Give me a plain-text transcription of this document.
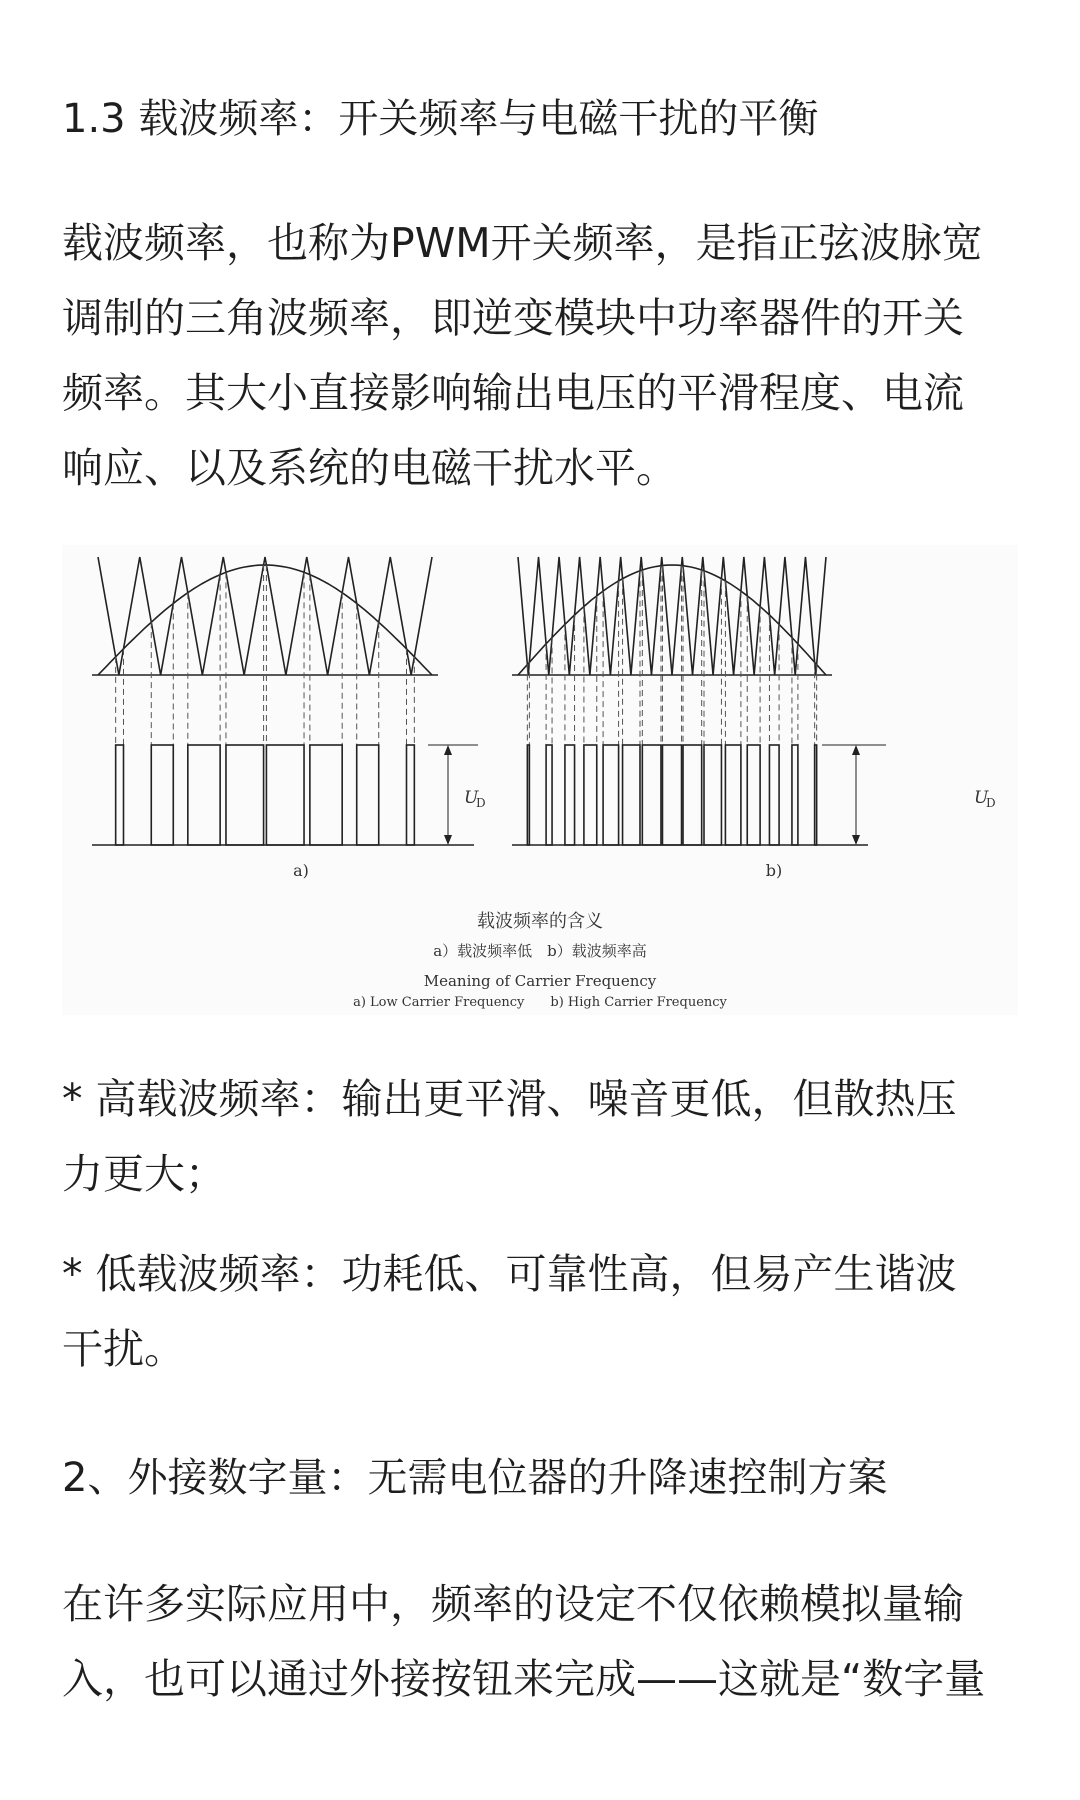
1.3 载波频率：开关频率与电磁干扰的平衡
载波频率，也称为PWM开关频率，是指正弦波脉宽
调制的三角波频率，即逆变模块中功率器件的开关
频率。其大小直接影响输出电压的平滑程度、电流
响应、以及系统的电磁干扰水平。
a)	b)
U
D	U
D
载波频率的含义
a）载波频率低　b）载波频率高
Meaning of Carrier Frequency
a) Low Carrier Frequency　　b) High Carrier Frequency
* 高载波频率：输出更平滑、噪音更低，但散热压
力更大；
* 低载波频率：功耗低、可靠性高，但易产生谐波
干扰。
2、外接数字量：无需电位器的升降速控制方案
在许多实际应用中，频率的设定不仅依赖模拟量输
入，也可以通过外接按钮来完成——这就是“数字量
